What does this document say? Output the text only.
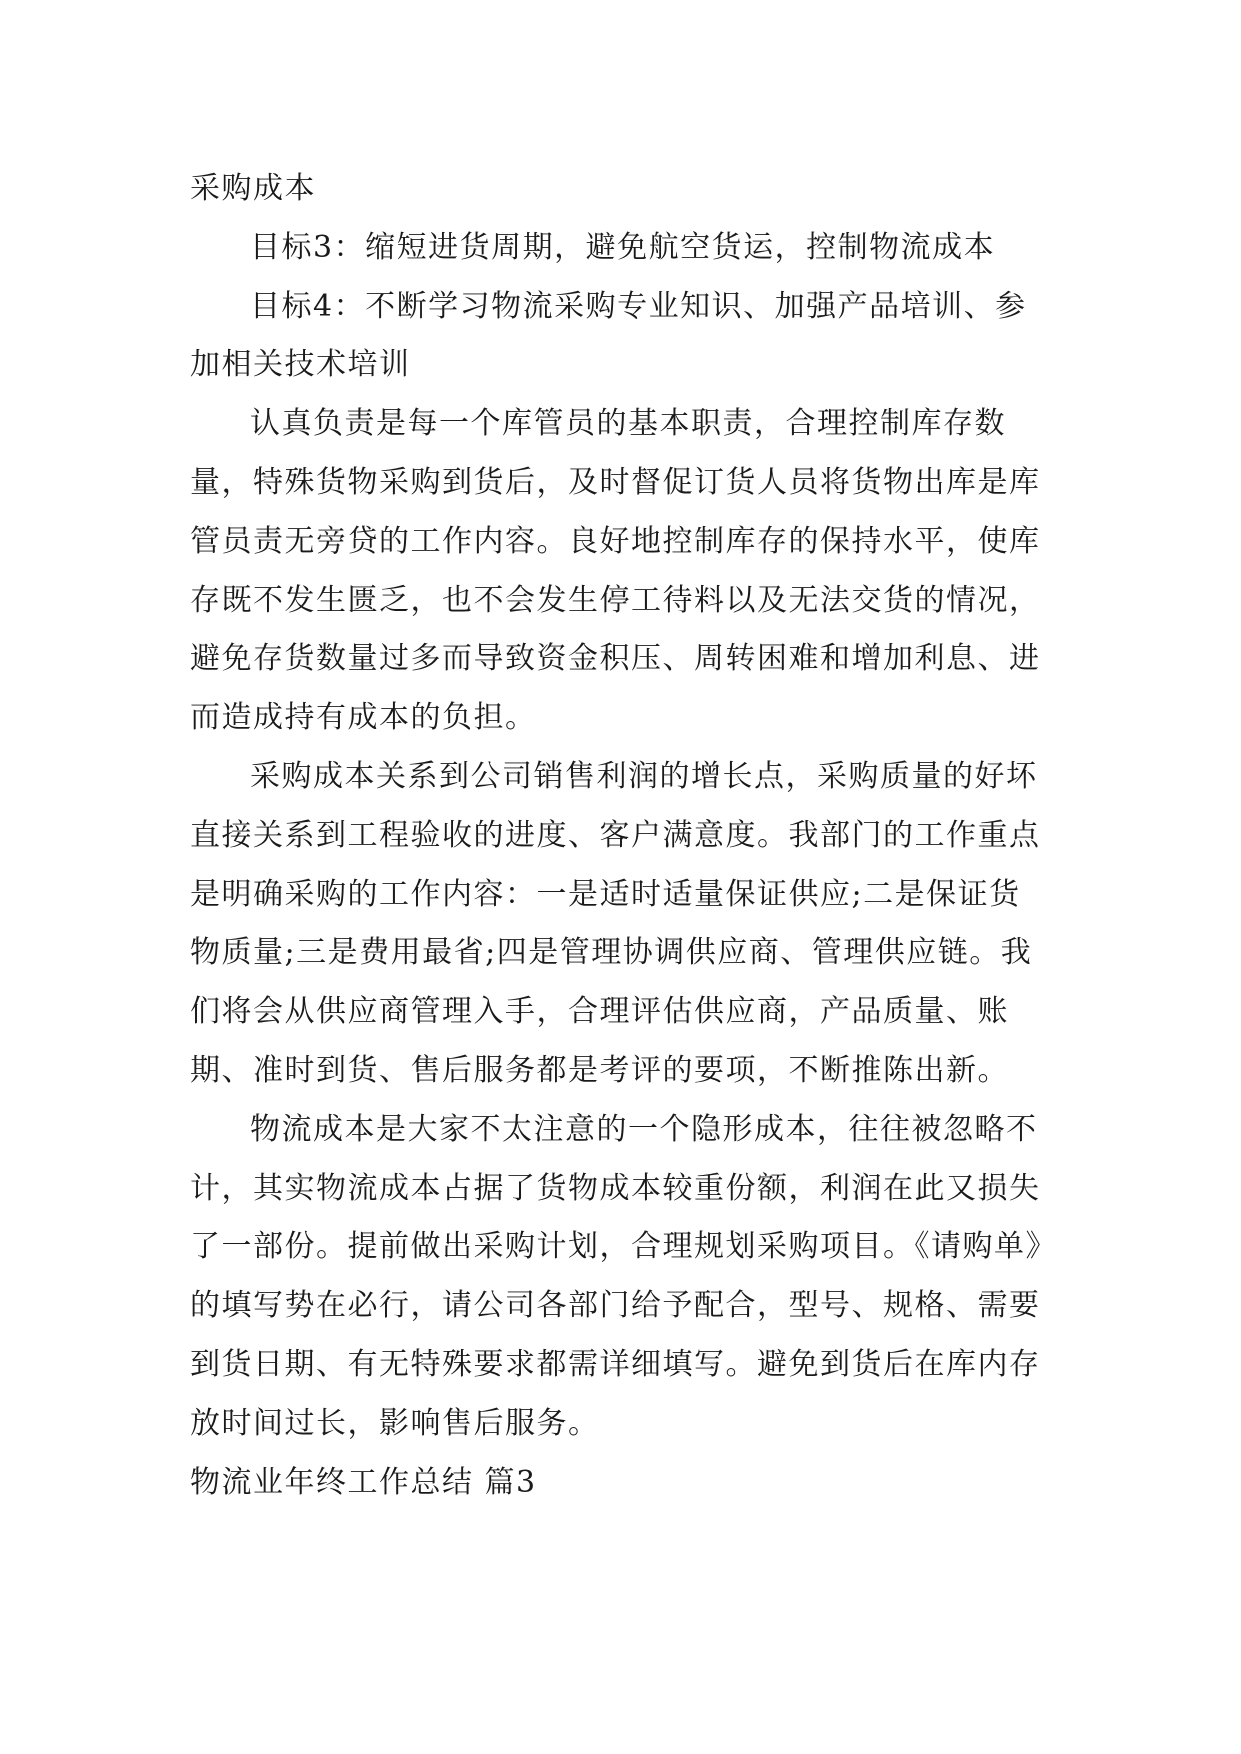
采购成本

目标3：缩短进货周期，避免航空货运，控制物流成本

目标4：不断学习物流采购专业知识、加强产品培训、参加相关技术培训

认真负责是每一个库管员的基本职责，合理控制库存数量，特殊货物采购到货后，及时督促订货人员将货物出库是库管员责无旁贷的工作内容。良好地控制库存的保持水平，使库存既不发生匮乏，也不会发生停工待料以及无法交货的情况，避免存货数量过多而导致资金积压、周转困难和增加利息、进而造成持有成本的负担。

采购成本关系到公司销售利润的增长点，采购质量的好坏直接关系到工程验收的进度、客户满意度。我部门的工作重点是明确采购的工作内容：一是适时适量保证供应;二是保证货物质量;三是费用最省;四是管理协调供应商、管理供应链。我们将会从供应商管理入手，合理评估供应商，产品质量、账期、准时到货、售后服务都是考评的要项，不断推陈出新。

物流成本是大家不太注意的一个隐形成本，往往被忽略不计，其实物流成本占据了货物成本较重份额，利润在此又损失了一部份。提前做出采购计划，合理规划采购项目。《请购单》的填写势在必行，请公司各部门给予配合，型号、规格、需要到货日期、有无特殊要求都需详细填写。避免到货后在库内存放时间过长，影响售后服务。

物流业年终工作总结 篇3
